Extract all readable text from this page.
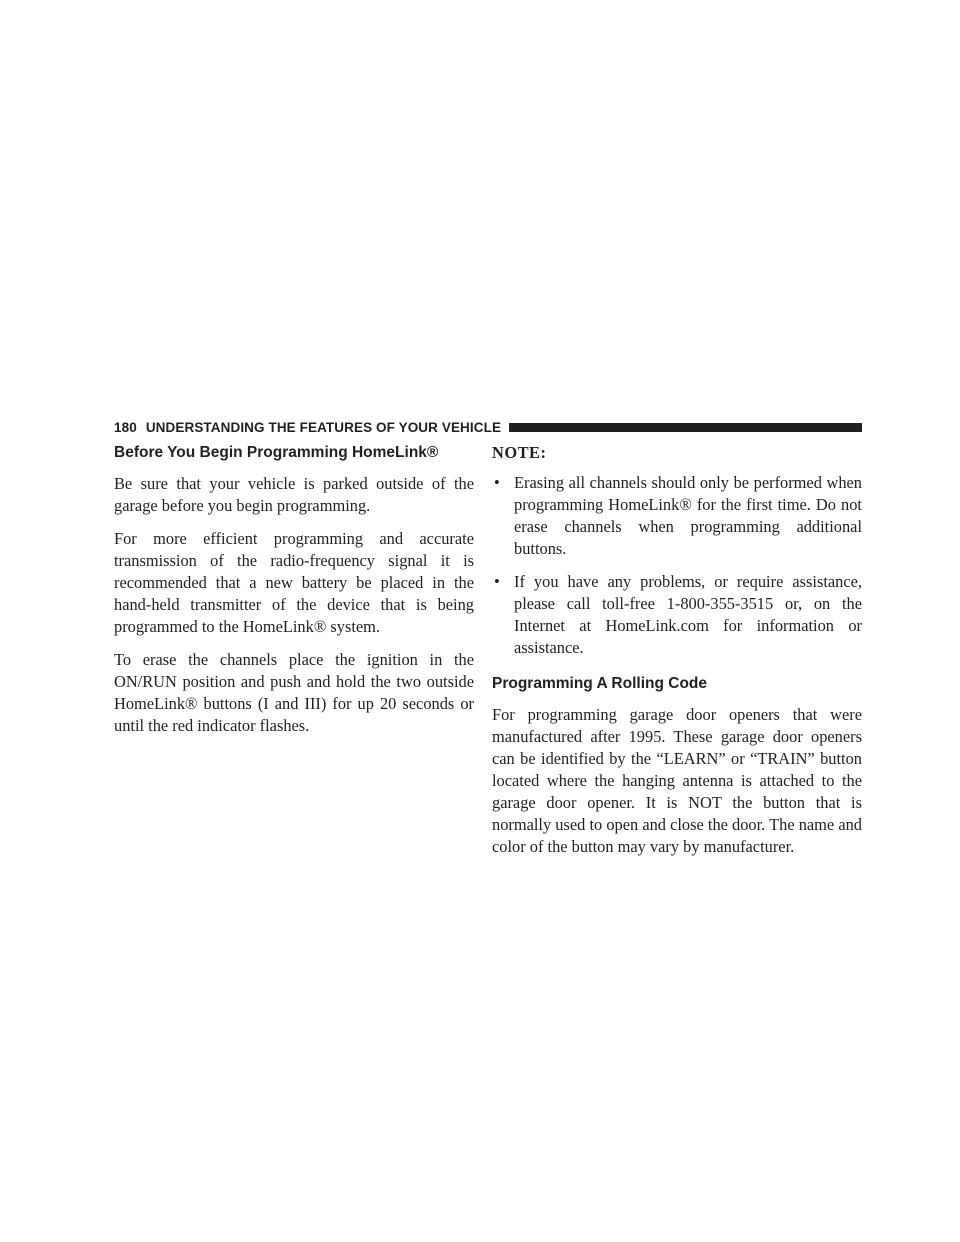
180 UNDERSTANDING THE FEATURES OF YOUR VEHICLE
Before You Begin Programming HomeLink®

Be sure that your vehicle is parked outside of the garage before you begin programming.

For more efficient programming and accurate transmission of the radio-frequency signal it is recommended that a new battery be placed in the hand-held transmitter of the device that is being programmed to the HomeLink® system.

To erase the channels place the ignition in the ON/RUN position and push and hold the two outside HomeLink® buttons (I and III) for up 20 seconds or until the red indicator flashes.

NOTE:
• Erasing all channels should only be performed when programming HomeLink® for the first time. Do not erase channels when programming additional buttons.
• If you have any problems, or require assistance, please call toll-free 1-800-355-3515 or, on the Internet at HomeLink.com for information or assistance.
Programming A Rolling Code

For programming garage door openers that were manufactured after 1995. These garage door openers can be identified by the “LEARN” or “TRAIN” button located where the hanging antenna is attached to the garage door opener. It is NOT the button that is normally used to open and close the door. The name and color of the button may vary by manufacturer.
